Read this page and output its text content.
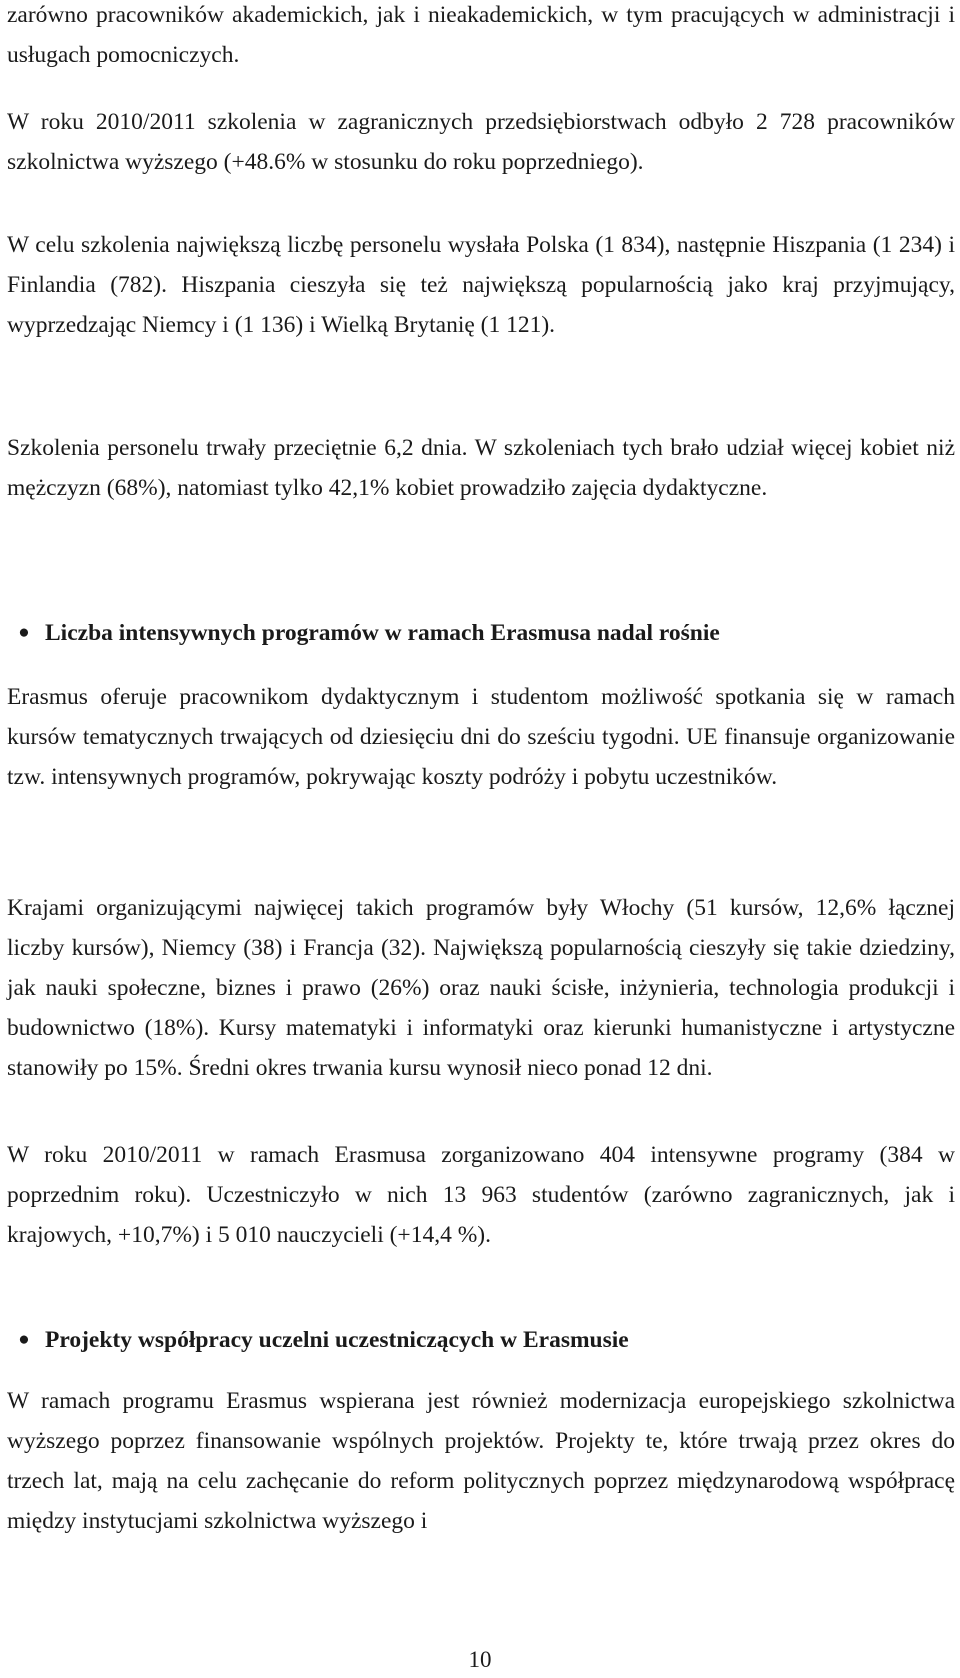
zarówno pracowników akademickich, jak i nieakademickich, w tym pracujących w administracji i usługach pomocniczych.

W roku 2010/2011 szkolenia w zagranicznych przedsiębiorstwach odbyło 2 728 pracowników szkolnictwa wyższego (+48.6% w stosunku do roku poprzedniego).

W celu szkolenia największą liczbę personelu wysłała Polska (1 834), następnie Hiszpania (1 234) i Finlandia (782). Hiszpania cieszyła się też największą popularnością jako kraj przyjmujący, wyprzedzając Niemcy i (1 136) i Wielką Brytanię (1 121).

Szkolenia personelu trwały przeciętnie 6,2 dnia. W szkoleniach tych brało udział więcej kobiet niż mężczyzn (68%), natomiast tylko 42,1% kobiet prowadziło zajęcia dydaktyczne.

● Liczba intensywnych programów w ramach Erasmusa nadal rośnie

Erasmus oferuje pracownikom dydaktycznym i studentom możliwość spotkania się w ramach kursów tematycznych trwających od dziesięciu dni do sześciu tygodni. UE finansuje organizowanie tzw. intensywnych programów, pokrywając koszty podróży i pobytu uczestników.

Krajami organizującymi najwięcej takich programów były Włochy (51 kursów, 12,6% łącznej liczby kursów), Niemcy (38) i Francja (32). Największą popularnością cieszyły się takie dziedziny, jak nauki społeczne, biznes i prawo (26%) oraz nauki ścisłe, inżynieria, technologia produkcji i budownictwo (18%). Kursy matematyki i informatyki oraz kierunki humanistyczne i artystyczne stanowiły po 15%. Średni okres trwania kursu wynosił nieco ponad 12 dni.

W roku 2010/2011 w ramach Erasmusa zorganizowano 404 intensywne programy (384 w poprzednim roku). Uczestniczyło w nich 13 963 studentów (zarówno zagranicznych, jak i krajowych, +10,7%) i 5 010 nauczycieli (+14,4 %).

● Projekty współpracy uczelni uczestniczących w Erasmusie

W ramach programu Erasmus wspierana jest również modernizacja europejskiego szkolnictwa wyższego poprzez finansowanie wspólnych projektów. Projekty te, które trwają przez okres do trzech lat, mają na celu zachęcanie do reform politycznych poprzez międzynarodową współpracę między instytucjami szkolnictwa wyższego i

10
